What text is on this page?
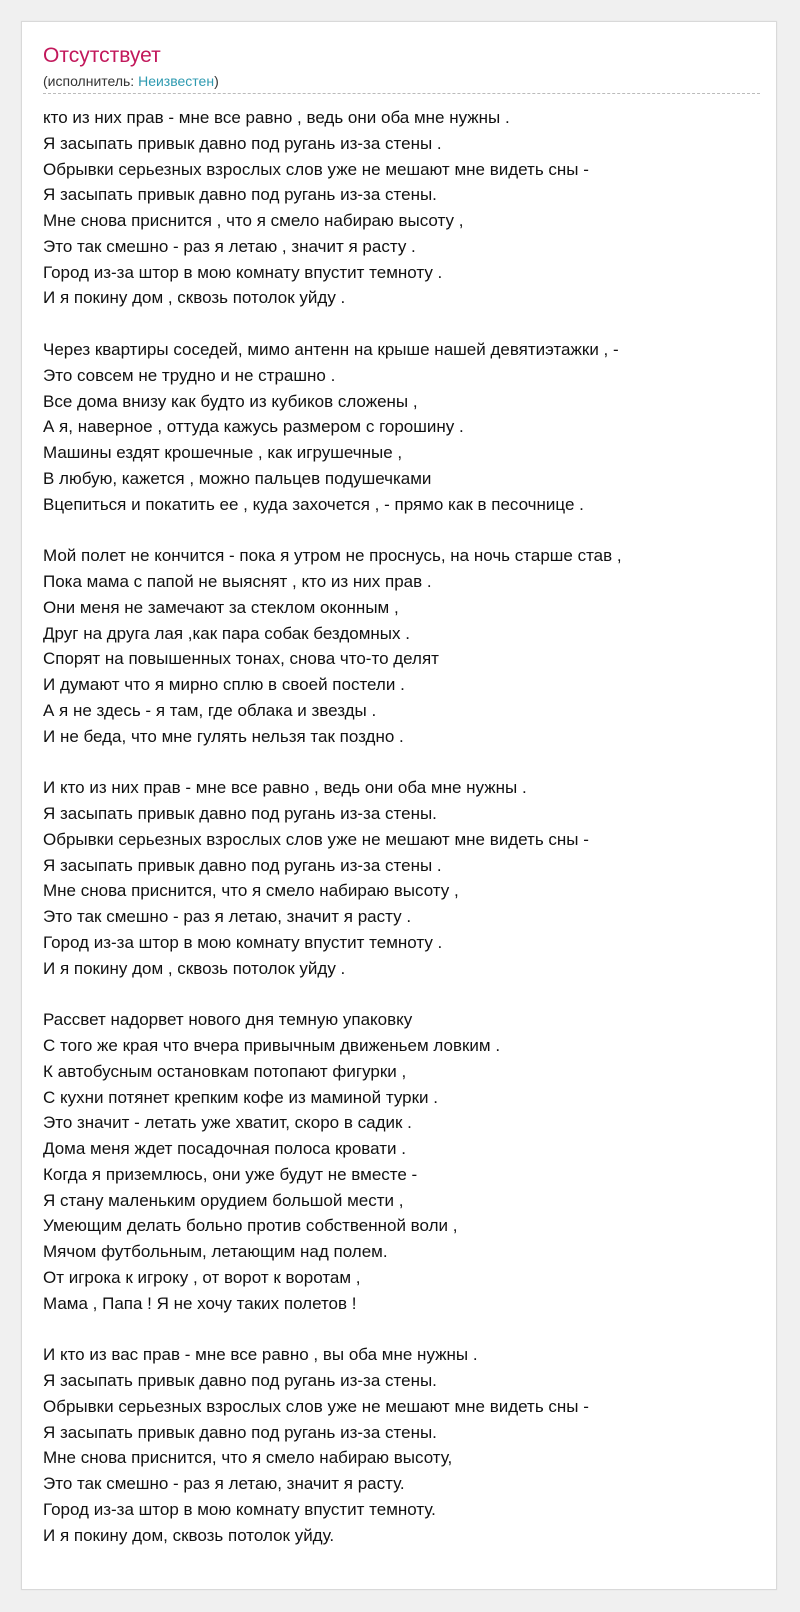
Отсутствует
(исполнитель: Неизвестен)
кто из них прав - мне все равно , ведь они оба мне нужны .
Я засыпать привык давно под ругань из-за стены .
Обрывки серьезных взрослых слов уже не мешают мне видеть сны -
Я засыпать привык давно под ругань из-за стены.
Мне снова приснится , что я смело набираю высоту ,
Это так смешно - раз я летаю , значит я расту .
Город из-за штор в мою комнату впустит темноту .
И я покину дом , сквозь потолок уйду .
Через квартиры соседей, мимо антенн на крыше нашей девятиэтажки , -
Это совсем не трудно и не страшно .
Все дома внизу как будто из кубиков сложены ,
А я, наверное , оттуда кажусь размером с горошину .
Машины ездят крошечные , как игрушечные ,
В любую, кажется , можно пальцев подушечками
Вцепиться и покатить ее , куда захочется , - прямо как в песочнице .
Мой полет не кончится - пока я утром не проснусь, на ночь старше став ,
Пока мама с папой не выяснят , кто из них прав .
Они меня не замечают за стеклом оконным ,
Друг на друга лая ,как пара собак бездомных .
Спорят на повышенных тонах, снова что-то делят
И думают что я мирно сплю в своей постели .
А я не здесь - я там, где облака и звезды .
И не беда, что мне гулять нельзя так поздно .
И кто из них прав - мне все равно , ведь они оба мне нужны .
Я засыпать привык давно под ругань из-за стены.
Обрывки серьезных взрослых слов уже не мешают мне видеть сны -
Я засыпать привык давно под ругань из-за стены .
Мне снова приснится, что я смело набираю высоту ,
Это так смешно - раз я летаю, значит я расту .
Город из-за штор в мою комнату впустит темноту .
И я покину дом , сквозь потолок уйду .
Рассвет надорвет нового дня темную упаковку
С того же края что вчера привычным движеньем ловким .
К автобусным остановкам потопают фигурки ,
С кухни потянет крепким кофе из маминой турки .
Это значит - летать уже хватит, скоро в садик .
Дома меня ждет посадочная полоса кровати .
Когда я приземлюсь, они уже будут не вместе -
Я стану маленьким орудием большой мести ,
Умеющим делать больно против собственной воли ,
Мячом футбольным, летающим над полем.
От игрока к игроку , от ворот к воротам ,
Мама , Папа ! Я не хочу таких полетов !
И кто из вас прав - мне все равно , вы оба мне нужны .
Я засыпать привык давно под ругань из-за стены.
Обрывки серьезных взрослых слов уже не мешают мне видеть сны -
Я засыпать привык давно под ругань из-за стены.
Мне снова приснится, что я смело набираю высоту,
Это так смешно - раз я летаю, значит я расту.
Город из-за штор в мою комнату впустит темноту.
И я покину дом, сквозь потолок уйду.
